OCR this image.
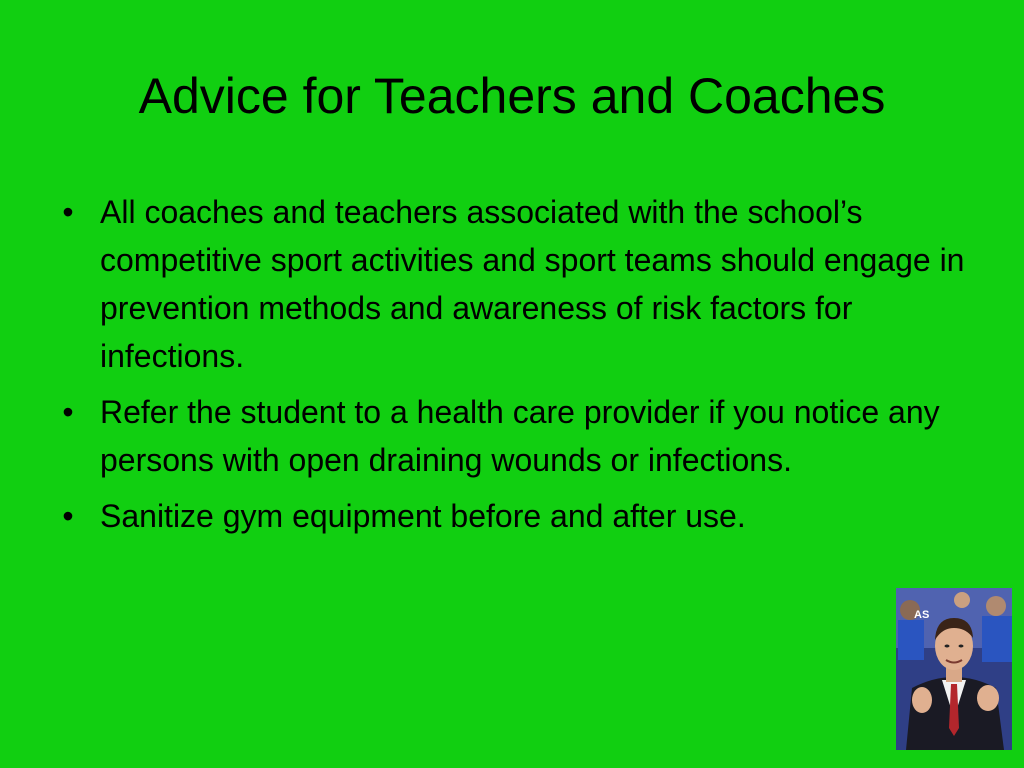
Advice for Teachers and Coaches
• All coaches and teachers associated with the school’s competitive sport activities and sport teams should engage in prevention methods and awareness of risk factors for infections.
• Refer the student to a health care provider if you notice any persons with open draining wounds or infections.
• Sanitize gym equipment before and after use.
AS
